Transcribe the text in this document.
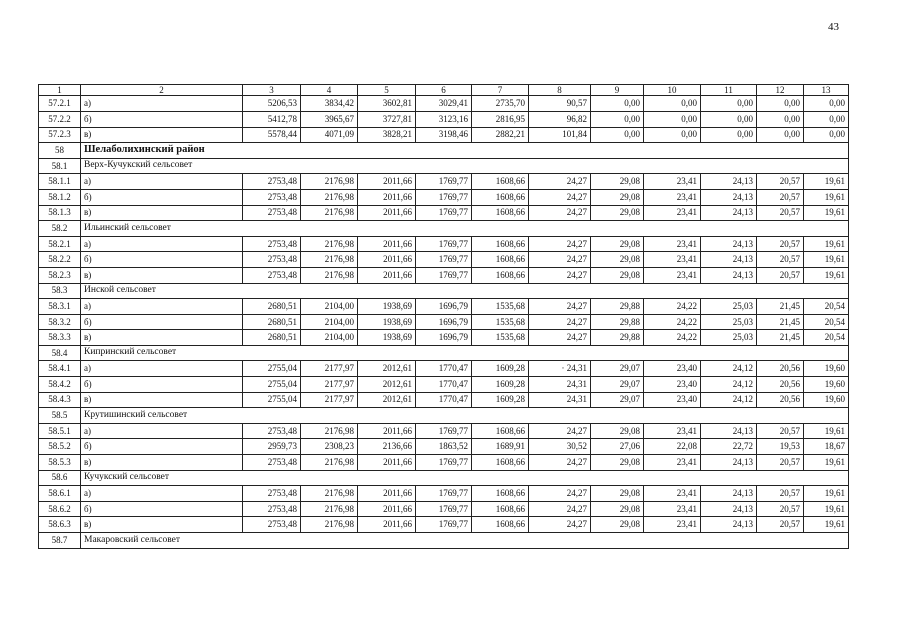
43
1	2	3	4	5	6	7	8	9	10	11	12	13
57.2.1	а)	5206,53	3834,42	3602,81	3029,41	2735,70	90,57	0,00	0,00	0,00	0,00	0,00
57.2.2	б)	5412,78	3965,67	3727,81	3123,16	2816,95	96,82	0,00	0,00	0,00	0,00	0,00
57.2.3	в)	5578,44	4071,09	3828,21	3198,46	2882,21	101,84	0,00	0,00	0,00	0,00	0,00
58	Шелаболихинский район											
58.1	Верх-Кучукский сельсовет											
58.1.1	а)	2753,48	2176,98	2011,66	1769,77	1608,66	24,27	29,08	23,41	24,13	20,57	19,61
58.1.2	б)	2753,48	2176,98	2011,66	1769,77	1608,66	24,27	29,08	23,41	24,13	20,57	19,61
58.1.3	в)	2753,48	2176,98	2011,66	1769,77	1608,66	24,27	29,08	23,41	24,13	20,57	19,61
58.2	Ильинский сельсовет											
58.2.1	а)	2753,48	2176,98	2011,66	1769,77	1608,66	24,27	29,08	23,41	24,13	20,57	19,61
58.2.2	б)	2753,48	2176,98	2011,66	1769,77	1608,66	24,27	29,08	23,41	24,13	20,57	19,61
58.2.3	в)	2753,48	2176,98	2011,66	1769,77	1608,66	24,27	29,08	23,41	24,13	20,57	19,61
58.3	Инской сельсовет											
58.3.1	а)	2680,51	2104,00	1938,69	1696,79	1535,68	24,27	29,88	24,22	25,03	21,45	20,54
58.3.2	б)	2680,51	2104,00	1938,69	1696,79	1535,68	24,27	29,88	24,22	25,03	21,45	20,54
58.3.3	в)	2680,51	2104,00	1938,69	1696,79	1535,68	24,27	29,88	24,22	25,03	21,45	20,54
58.4	Кипринский сельсовет											
58.4.1	а)	2755,04	2177,97	2012,61	1770,47	1609,28	· 24,31	29,07	23,40	24,12	20,56	19,60
58.4.2	б)	2755,04	2177,97	2012,61	1770,47	1609,28	24,31	29,07	23,40	24,12	20,56	19,60
58.4.3	в)	2755,04	2177,97	2012,61	1770,47	1609,28	24,31	29,07	23,40	24,12	20,56	19,60
58.5	Крутишинский сельсовет											
58.5.1	а)	2753,48	2176,98	2011,66	1769,77	1608,66	24,27	29,08	23,41	24,13	20,57	19,61
58.5.2	б)	2959,73	2308,23	2136,66	1863,52	1689,91	30,52	27,06	22,08	22,72	19,53	18,67
58.5.3	в)	2753,48	2176,98	2011,66	1769,77	1608,66	24,27	29,08	23,41	24,13	20,57	19,61
58.6	Кучукский сельсовет											
58.6.1	а)	2753,48	2176,98	2011,66	1769,77	1608,66	24,27	29,08	23,41	24,13	20,57	19,61
58.6.2	б)	2753,48	2176,98	2011,66	1769,77	1608,66	24,27	29,08	23,41	24,13	20,57	19,61
58.6.3	в)	2753,48	2176,98	2011,66	1769,77	1608,66	24,27	29,08	23,41	24,13	20,57	19,61
58.7	Макаровский сельсовет											
